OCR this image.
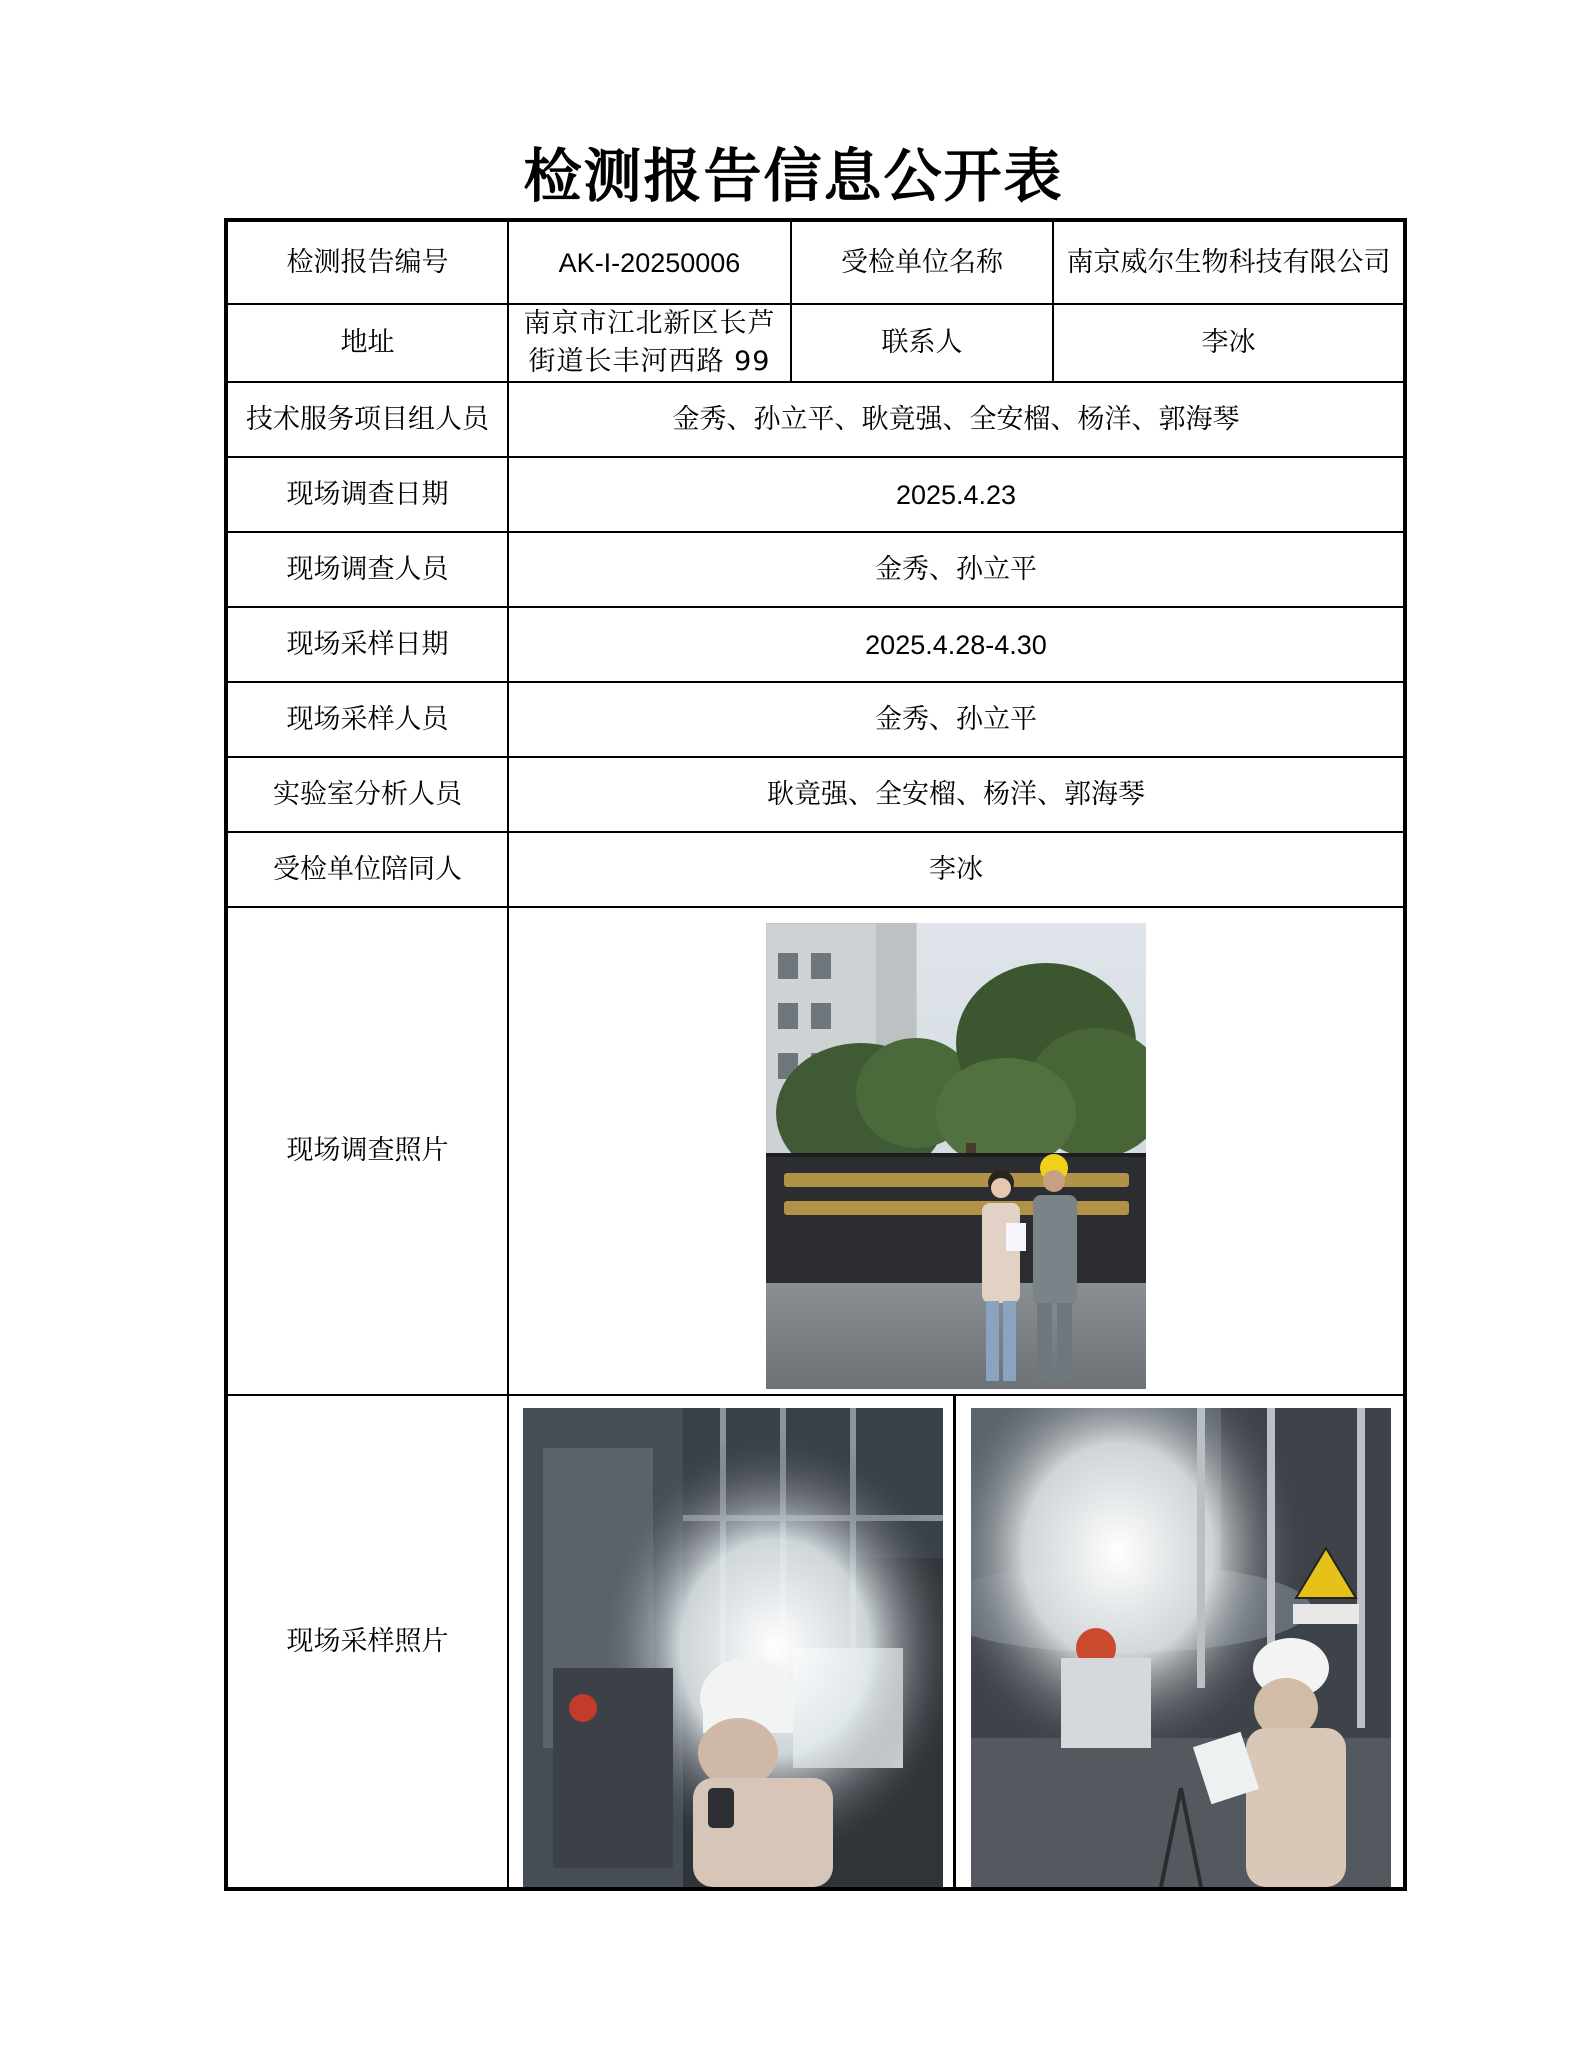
检测报告信息公开表
检测报告编号	AK-I-20250006	受检单位名称	南京威尔生物科技有限公司
地址	南京市江北新区长芦街道长丰河西路 99	联系人	李冰
技术服务项目组人员	金秀、孙立平、耿竟强、全安榴、杨洋、郭海琴		
现场调查日期	2025.4.23		
现场调查人员	金秀、孙立平		
现场采样日期	2025.4.28-4.30		
现场采样人员	金秀、孙立平		
实验室分析人员	耿竟强、全安榴、杨洋、郭海琴		
受检单位陪同人	李冰		
现场调查照片	

现场采样照片	
